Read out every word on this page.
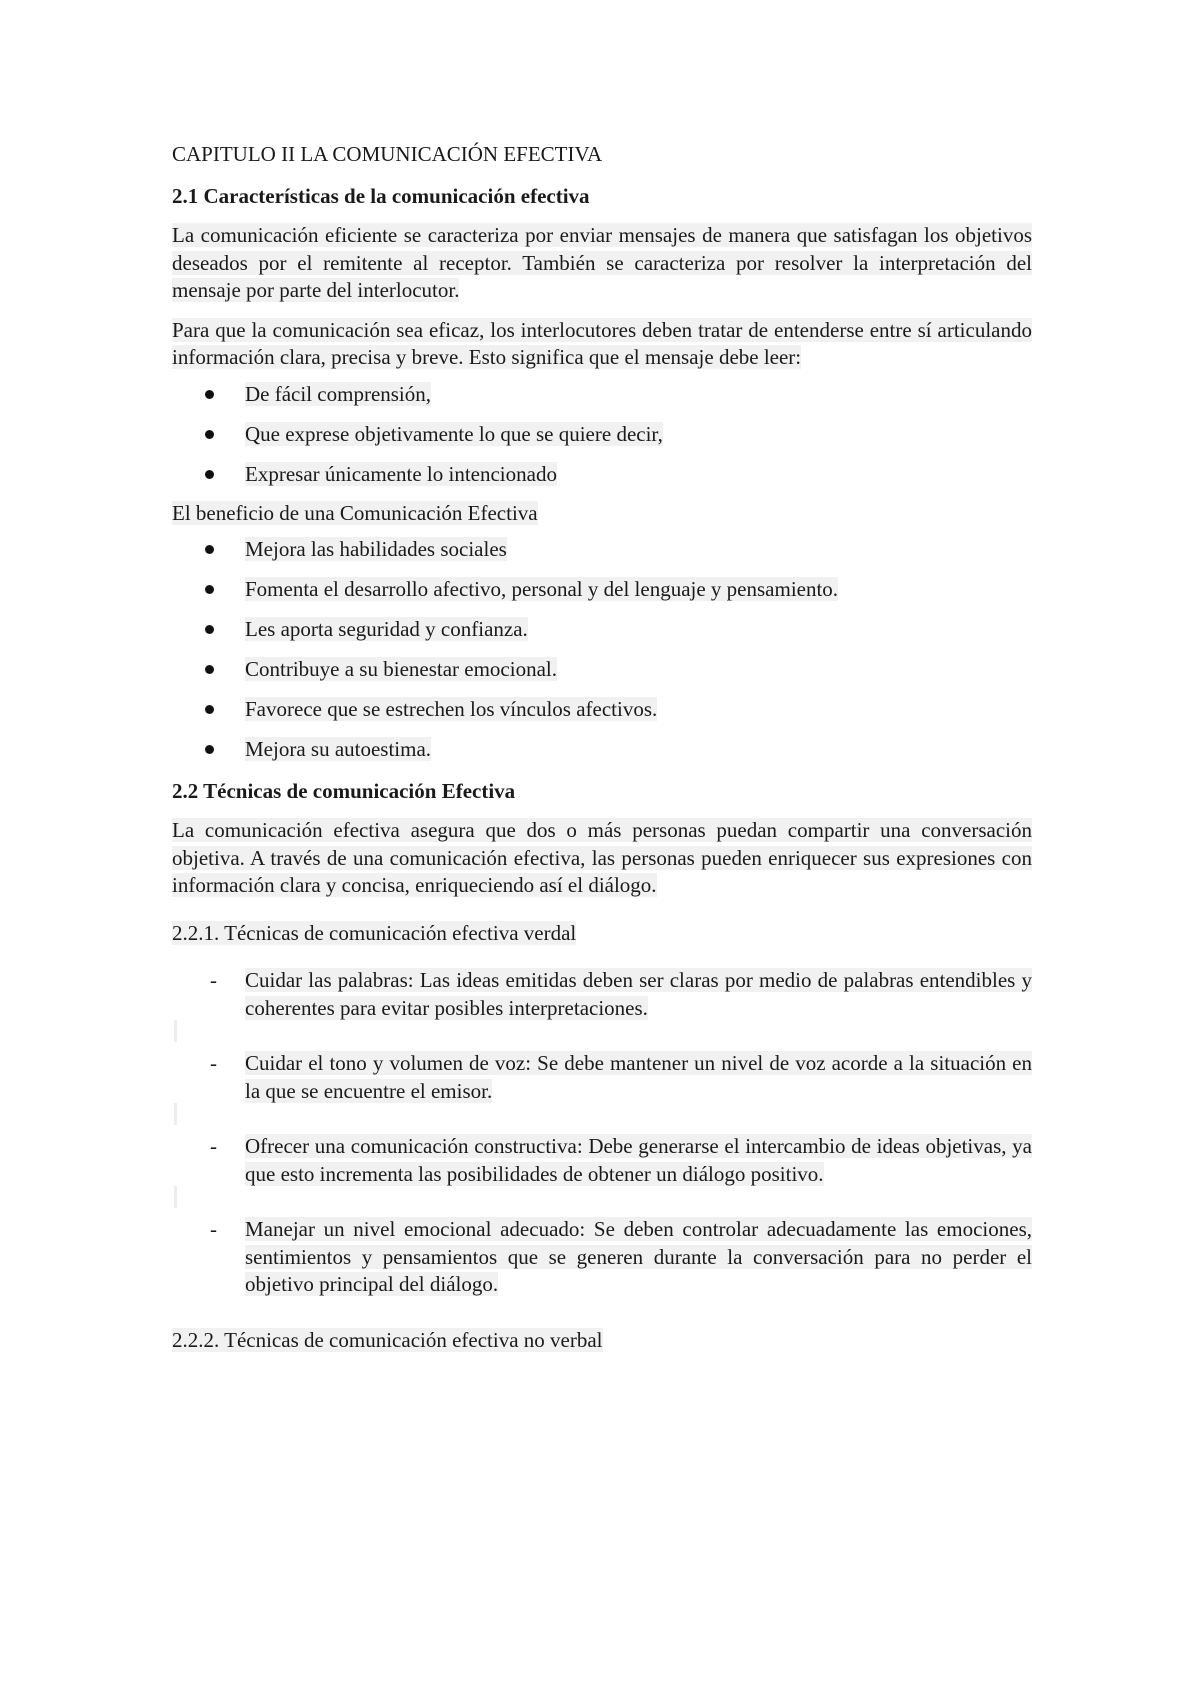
CAPITULO II LA COMUNICACIÓN EFECTIVA
2.1 Características de la comunicación efectiva

La comunicación eficiente se caracteriza por enviar mensajes de manera que satisfagan los objetivos deseados por el remitente al receptor. También se caracteriza por resolver la interpretación del mensaje por parte del interlocutor.

Para que la comunicación sea eficaz, los interlocutores deben tratar de entenderse entre sí articulando información clara, precisa y breve. Esto significa que el mensaje debe leer:

De fácil comprensión,
Que exprese objetivamente lo que se quiere decir,
Expresar únicamente lo intencionado

El beneficio de una Comunicación Efectiva

Mejora las habilidades sociales
Fomenta el desarrollo afectivo, personal y del lenguaje y pensamiento.
Les aporta seguridad y confianza.
Contribuye a su bienestar emocional.
Favorece que se estrechen los vínculos afectivos.
Mejora su autoestima.
2.2 Técnicas de comunicación Efectiva

La comunicación efectiva asegura que dos o más personas puedan compartir una conversación objetiva. A través de una comunicación efectiva, las personas pueden enriquecer sus expresiones con información clara y concisa, enriqueciendo así el diálogo.

2.2.1. Técnicas de comunicación efectiva verdal

- Cuidar las palabras: Las ideas emitidas deben ser claras por medio de palabras entendibles y coherentes para evitar posibles interpretaciones.
- Cuidar el tono y volumen de voz: Se debe mantener un nivel de voz acorde a la situación en la que se encuentre el emisor.
- Ofrecer una comunicación constructiva: Debe generarse el intercambio de ideas objetivas, ya que esto incrementa las posibilidades de obtener un diálogo positivo.
- Manejar un nivel emocional adecuado: Se deben controlar adecuadamente las emociones, sentimientos y pensamientos que se generen durante la conversación para no perder el objetivo principal del diálogo.

2.2.2. Técnicas de comunicación efectiva no verbal
